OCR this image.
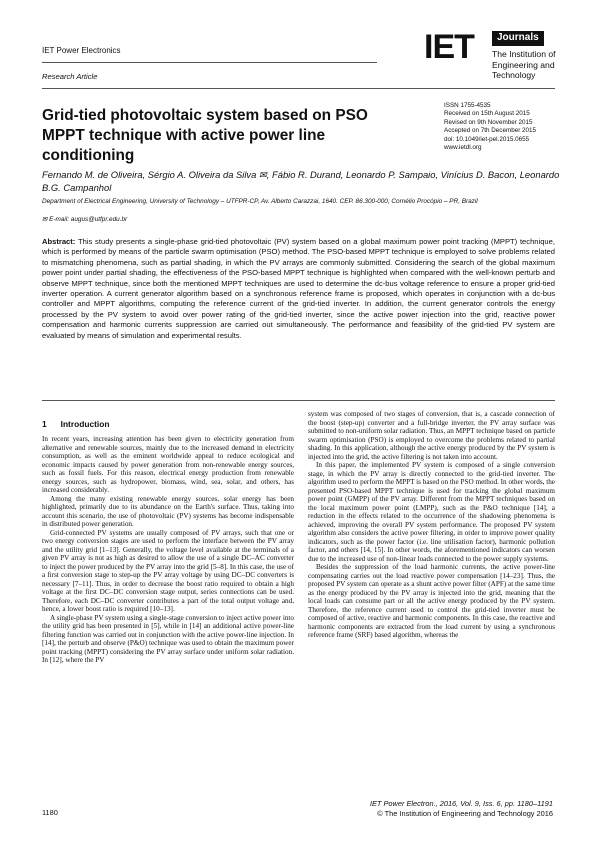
IET Power Electronics
Research Article
IET	Journals
The Institution of
Engineering and Technology
Grid-tied photovoltaic system based on PSO MPPT technique with active power line conditioning
ISSN 1755-4535
Received on 15th August 2015
Revised on 9th November 2015
Accepted on 7th December 2015
doi: 10.1049/iet-pel.2015.0655
www.ietdl.org
Fernando M. de Oliveira, Sérgio A. Oliveira da Silva ✉, Fábio R. Durand, Leonardo P. Sampaio, Vinícius D. Bacon, Leonardo B.G. Campanhol
Department of Electrical Engineering, University of Technology – UTFPR-CP, Av. Alberto Carazzai, 1640. CEP. 86.300-000, Cornélio Procópio – PR, Brazil
✉ E-mail: augus@utfpr.edu.br
Abstract: This study presents a single-phase grid-tied photovoltaic (PV) system based on a global maximum power point tracking (MPPT) technique, which is performed by means of the particle swarm optimisation (PSO) method. The PSO-based MPPT technique is employed to solve problems related to mismatching phenomena, such as partial shading, in which the PV arrays are commonly submitted. Considering the search of the global maximum power point under partial shading, the effectiveness of the PSO-based MPPT technique is highlighted when compared with the well-known perturb and observe MPPT technique, since both the mentioned MPPT techniques are used to determine the dc-bus voltage reference to ensure a proper grid-tied inverter operation. A current generator algorithm based on a synchronous reference frame is proposed, which operates in conjunction with a dc-bus controller and MPPT algorithms, computing the reference current of the grid-tied inverter. In addition, the current generator controls the energy processed by the PV system to avoid over power rating of the grid-tied inverter, since the active power injection into the grid, reactive power compensation and harmonic currents suppression are carried out simultaneously. The performance and feasibility of the grid-tied PV system are evaluated by means of simulation and experimental results.
1      Introduction

In recent years, increasing attention has been given to electricity generation from alternative and renewable sources, mainly due to the increased demand in electricity consumption, as well as the eminent worldwide appeal to reduce ecological and economic impacts caused by power generation from non-renewable energy sources, such as fossil fuels. For this reason, electrical energy production from renewable energy sources, such as hydropower, biomass, wind, sea, solar, and others, has increased considerably.

Among the many existing renewable energy sources, solar energy has been highlighted, primarily due to its abundance on the Earth's surface. Thus, taking into account this scenario, the use of photovoltaic (PV) systems has become indispensable in distributed power generation.

Grid-connected PV systems are usually composed of PV arrays, such that one or two energy conversion stages are used to perform the interface between the PV array and the utility grid [1–13]. Generally, the voltage level available at the terminals of a given PV array is not as high as desired to allow the use of a single DC–AC converter to inject the power produced by the PV array into the grid [5–8]. In this case, the use of a first conversion stage to step-up the PV array voltage by using DC–DC converters is necessary [7–11]. Thus, in order to decrease the boost ratio required to obtain a high voltage at the first DC–DC conversion stage output, series connections can be used. Therefore, each DC–DC converter contributes a part of the total output voltage and, hence, a lower boost ratio is required [10–13].

A single-phase PV system using a single-stage conversion to inject active power into the utility grid has been presented in [5], while in [14] an additional active power-line filtering function was carried out in conjunction with the active power-line injection. In [14], the perturb and observe (P&O) technique was used to obtain the maximum power point tracking (MPPT) considering the PV array surface under uniform solar radiation. In [12], where the PV

system was composed of two stages of conversion, that is, a cascade connection of the boost (step-up) converter and a full-bridge inverter, the PV array surface was submitted to non-uniform solar radiation. Thus, an MPPT technique based on particle swarm optimisation (PSO) is employed to overcome the problems related to partial shading. In this application, although the active energy produced by the PV system is injected into the grid, the active filtering is not taken into account.

In this paper, the implemented PV system is composed of a single conversion stage, in which the PV array is directly connected to the grid-tied inverter. The algorithm used to perform the MPPT is based on the PSO method. In other words, the presented PSO-based MPPT technique is used for tracking the global maximum power point (GMPP) of the PV array. Different from the MPPT techniques based on the local maximum power point (LMPP), such as the P&O technique [14], a reduction in the effects related to the occurrence of the shadowing phenomena is achieved, improving the overall PV system performance. The proposed PV system algorithm also considers the active power filtering, in order to improve power quality indicators, such as the power factor (i.e. line utilisation factor), harmonic pollution factor, and others [14, 15]. In other words, the aforementioned indicators can worsen due to the increased use of non-linear loads connected to the power supply systems.

Besides the suppression of the load harmonic currents, the active power-line compensating carries out the load reactive power compensation [14–23]. Thus, the proposed PV system can operate as a shunt active power filter (APF) at the same time as the energy produced by the PV array is injected into the grid, meaning that the local loads can consume part or all the active energy produced by the PV system. Therefore, the reference current used to control the grid-tied inverter must be composed of active, reactive and harmonic components. In this case, the reactive and harmonic components are extracted from the load current by using a synchronous reference frame (SRF) based algorithm, whereas the

1180
IET Power Electron., 2016, Vol. 9, Iss. 6, pp. 1180–1191
© The Institution of Engineering and Technology 2016
